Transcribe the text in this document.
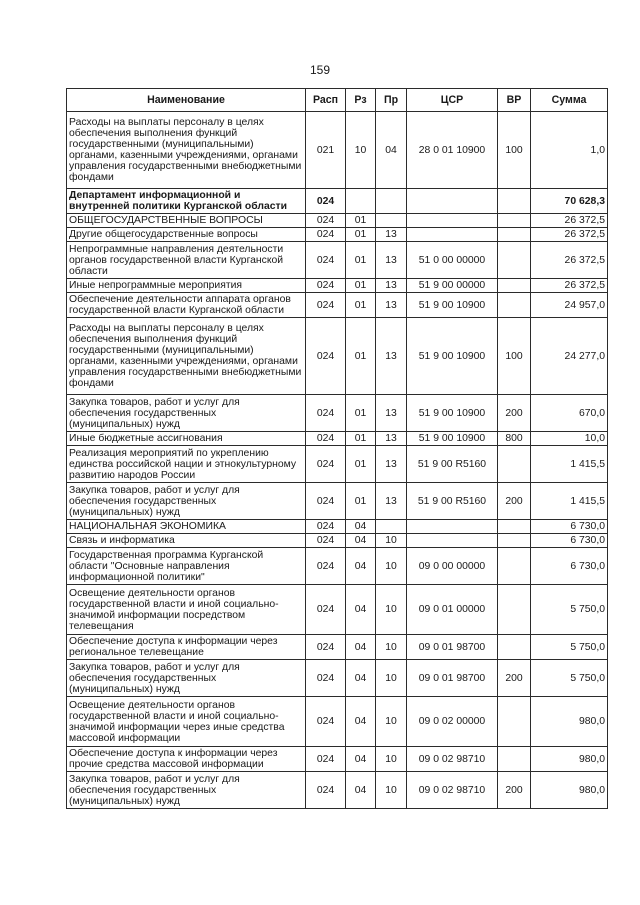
159
Наименование	Расп	Рз	Пр	ЦСР	ВР	Сумма
Расходы на выплаты персоналу в целях обеспечения выполнения функций государственными (муниципальными) органами, казенными учреждениями, органами управления государственными внебюджетными фондами	021	10	04	28 0 01 10900	100	1,0
Департамент информационной и внутренней политики Курганской области	024					70 628,3
ОБЩЕГОСУДАРСТВЕННЫЕ ВОПРОСЫ	024	01				26 372,5
Другие общегосударственные вопросы	024	01	13			26 372,5
Непрограммные направления деятельности органов государственной власти Курганской области	024	01	13	51 0 00 00000		26 372,5
Иные непрограммные мероприятия	024	01	13	51 9 00 00000		26 372,5
Обеспечение деятельности аппарата органов государственной власти Курганской области	024	01	13	51 9 00 10900		24 957,0
Расходы на выплаты персоналу в целях обеспечения выполнения функций государственными (муниципальными) органами, казенными учреждениями, органами управления государственными внебюджетными фондами	024	01	13	51 9 00 10900	100	24 277,0
Закупка товаров, работ и услуг для обеспечения государственных (муниципальных) нужд	024	01	13	51 9 00 10900	200	670,0
Иные бюджетные ассигнования	024	01	13	51 9 00 10900	800	10,0
Реализация мероприятий по укреплению единства российской нации и этнокультурному развитию народов России	024	01	13	51 9 00 R5160		1 415,5
Закупка товаров, работ и услуг для обеспечения государственных (муниципальных) нужд	024	01	13	51 9 00 R5160	200	1 415,5
НАЦИОНАЛЬНАЯ ЭКОНОМИКА	024	04				6 730,0
Связь и информатика	024	04	10			6 730,0
Государственная программа Курганской области "Основные направления информационной политики"	024	04	10	09 0 00 00000		6 730,0
Освещение деятельности органов государственной власти и иной социально-значимой информации посредством телевещания	024	04	10	09 0 01 00000		5 750,0
Обеспечение доступа к информации через региональное телевещание	024	04	10	09 0 01 98700		5 750,0
Закупка товаров, работ и услуг для обеспечения государственных (муниципальных) нужд	024	04	10	09 0 01 98700	200	5 750,0
Освещение деятельности органов государственной власти и иной социально-значимой информации через иные средства массовой информации	024	04	10	09 0 02 00000		980,0
Обеспечение доступа к информации через прочие средства массовой информации	024	04	10	09 0 02 98710		980,0
Закупка товаров, работ и услуг для обеспечения государственных (муниципальных) нужд	024	04	10	09 0 02 98710	200	980,0
